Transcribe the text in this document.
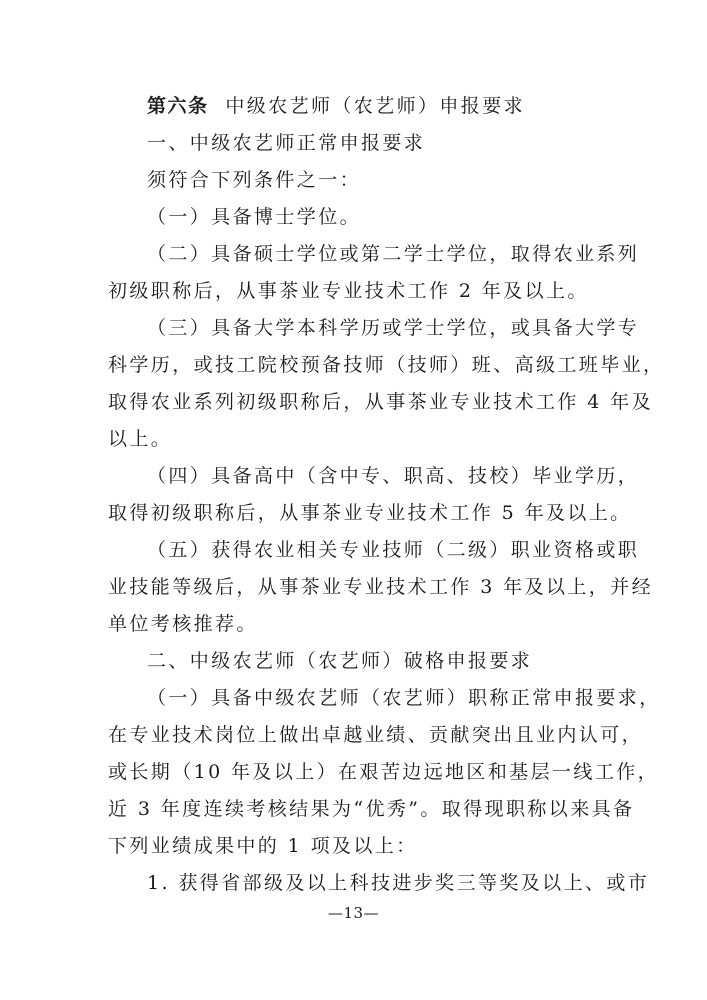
第六条 中级农艺师（农艺师）申报要求
一、中级农艺师正常申报要求
须符合下列条件之一：
（一）具备博士学位。
（二）具备硕士学位或第二学士学位，取得农业系列
初级职称后，从事茶业专业技术工作 2 年及以上。
（三）具备大学本科学历或学士学位，或具备大学专
科学历，或技工院校预备技师（技师）班、高级工班毕业，
取得农业系列初级职称后，从事茶业专业技术工作 4 年及
以上。
（四）具备高中（含中专、职高、技校）毕业学历，
取得初级职称后，从事茶业专业技术工作 5 年及以上。
（五）获得农业相关专业技师（二级）职业资格或职
业技能等级后，从事茶业专业技术工作 3 年及以上，并经
单位考核推荐。
二、中级农艺师（农艺师）破格申报要求
（一）具备中级农艺师（农艺师）职称正常申报要求，
在专业技术岗位上做出卓越业绩、贡献突出且业内认可，
或长期（10 年及以上）在艰苦边远地区和基层一线工作，
近 3 年度连续考核结果为“优秀”。取得现职称以来具备
下列业绩成果中的 1 项及以上：
1. 获得省部级及以上科技进步奖三等奖及以上、或市
—13—
